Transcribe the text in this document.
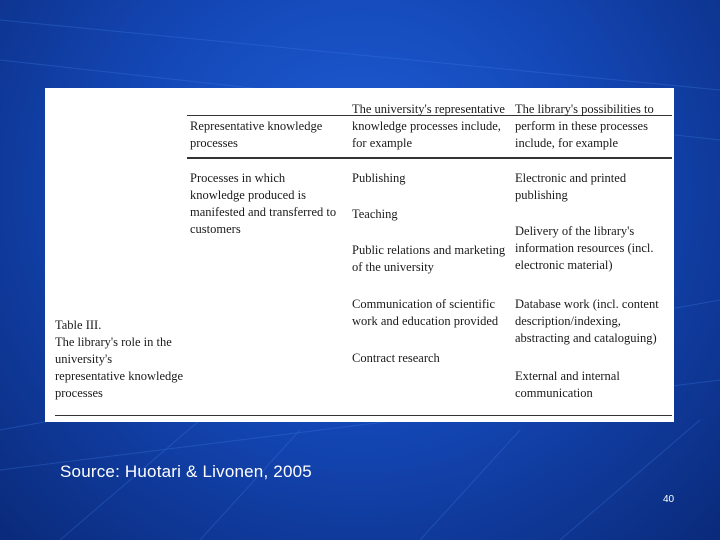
Representative knowledge processes
The university's representative knowledge processes include, for example
The library's possibilities to perform in these processes include, for example
Processes in which knowledge produced is manifested and transferred to customers
Publishing
Teaching
Public relations and marketing of the university
Communication of scientific work and education provided
Contract research
Electronic and printed publishing
Delivery of the library's information resources (incl. electronic material)
Database work (incl. content description/indexing, abstracting and cataloguing)
External and internal communication
Table III.
The library's role in the university's representative knowledge processes
Source: Huotari & Livonen, 2005
40
